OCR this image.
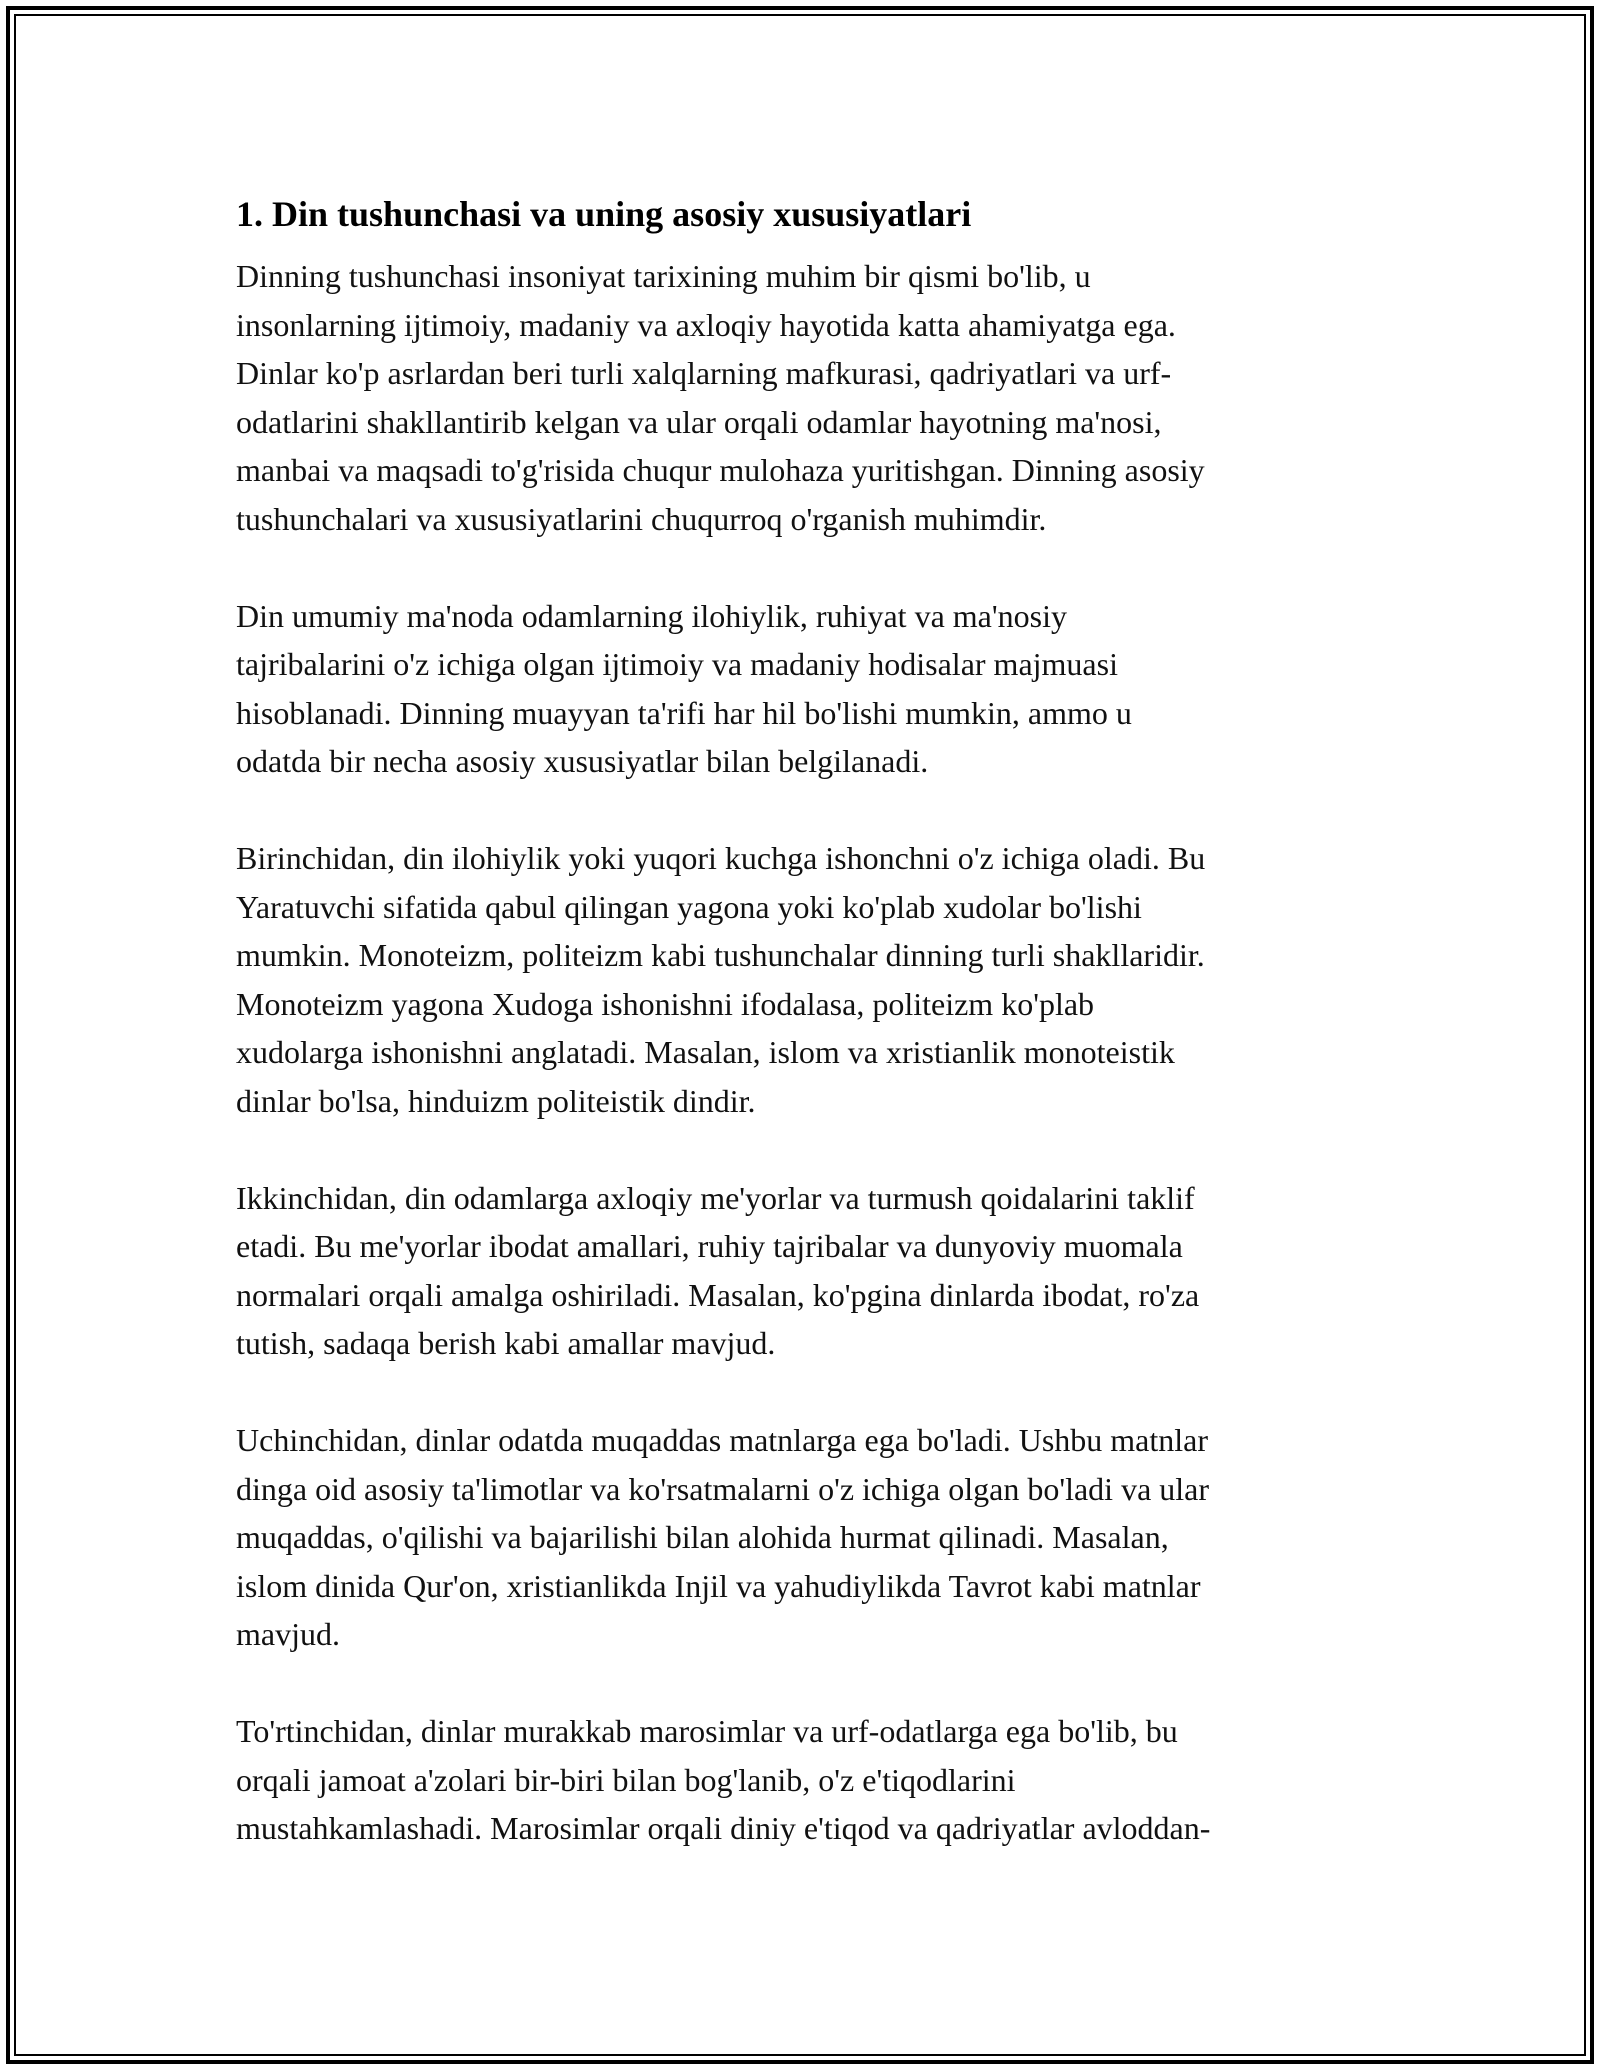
1. Din tushunchasi va uning asosiy xususiyatlari

Dinning tushunchasi insoniyat tarixining muhim bir qismi bo'lib, u
insonlarning ijtimoiy, madaniy va axloqiy hayotida katta ahamiyatga ega.
Dinlar ko'p asrlardan beri turli xalqlarning mafkurasi, qadriyatlari va urf-
odatlarini shakllantirib kelgan va ular orqali odamlar hayotning ma'nosi,
manbai va maqsadi to'g'risida chuqur mulohaza yuritishgan. Dinning asosiy
tushunchalari va xususiyatlarini chuqurroq o'rganish muhimdir.

Din umumiy ma'noda odamlarning ilohiylik, ruhiyat va ma'nosiy
tajribalarini o'z ichiga olgan ijtimoiy va madaniy hodisalar majmuasi
hisoblanadi. Dinning muayyan ta'rifi har hil bo'lishi mumkin, ammo u
odatda bir necha asosiy xususiyatlar bilan belgilanadi.

Birinchidan, din ilohiylik yoki yuqori kuchga ishonchni o'z ichiga oladi. Bu
Yaratuvchi sifatida qabul qilingan yagona yoki ko'plab xudolar bo'lishi
mumkin. Monoteizm, politeizm kabi tushunchalar dinning turli shakllaridir.
Monoteizm yagona Xudoga ishonishni ifodalasa, politeizm ko'plab
xudolarga ishonishni anglatadi. Masalan, islom va xristianlik monoteistik
dinlar bo'lsa, hinduizm politeistik dindir.

Ikkinchidan, din odamlarga axloqiy me'yorlar va turmush qoidalarini taklif
etadi. Bu me'yorlar ibodat amallari, ruhiy tajribalar va dunyoviy muomala
normalari orqali amalga oshiriladi. Masalan, ko'pgina dinlarda ibodat, ro'za
tutish, sadaqa berish kabi amallar mavjud.

Uchinchidan, dinlar odatda muqaddas matnlarga ega bo'ladi. Ushbu matnlar
dinga oid asosiy ta'limotlar va ko'rsatmalarni o'z ichiga olgan bo'ladi va ular
muqaddas, o'qilishi va bajarilishi bilan alohida hurmat qilinadi. Masalan,
islom dinida Qur'on, xristianlikda Injil va yahudiylikda Tavrot kabi matnlar
mavjud.

To'rtinchidan, dinlar murakkab marosimlar va urf-odatlarga ega bo'lib, bu
orqali jamoat a'zolari bir-biri bilan bog'lanib, o'z e'tiqodlarini
mustahkamlashadi. Marosimlar orqali diniy e'tiqod va qadriyatlar avloddan-
